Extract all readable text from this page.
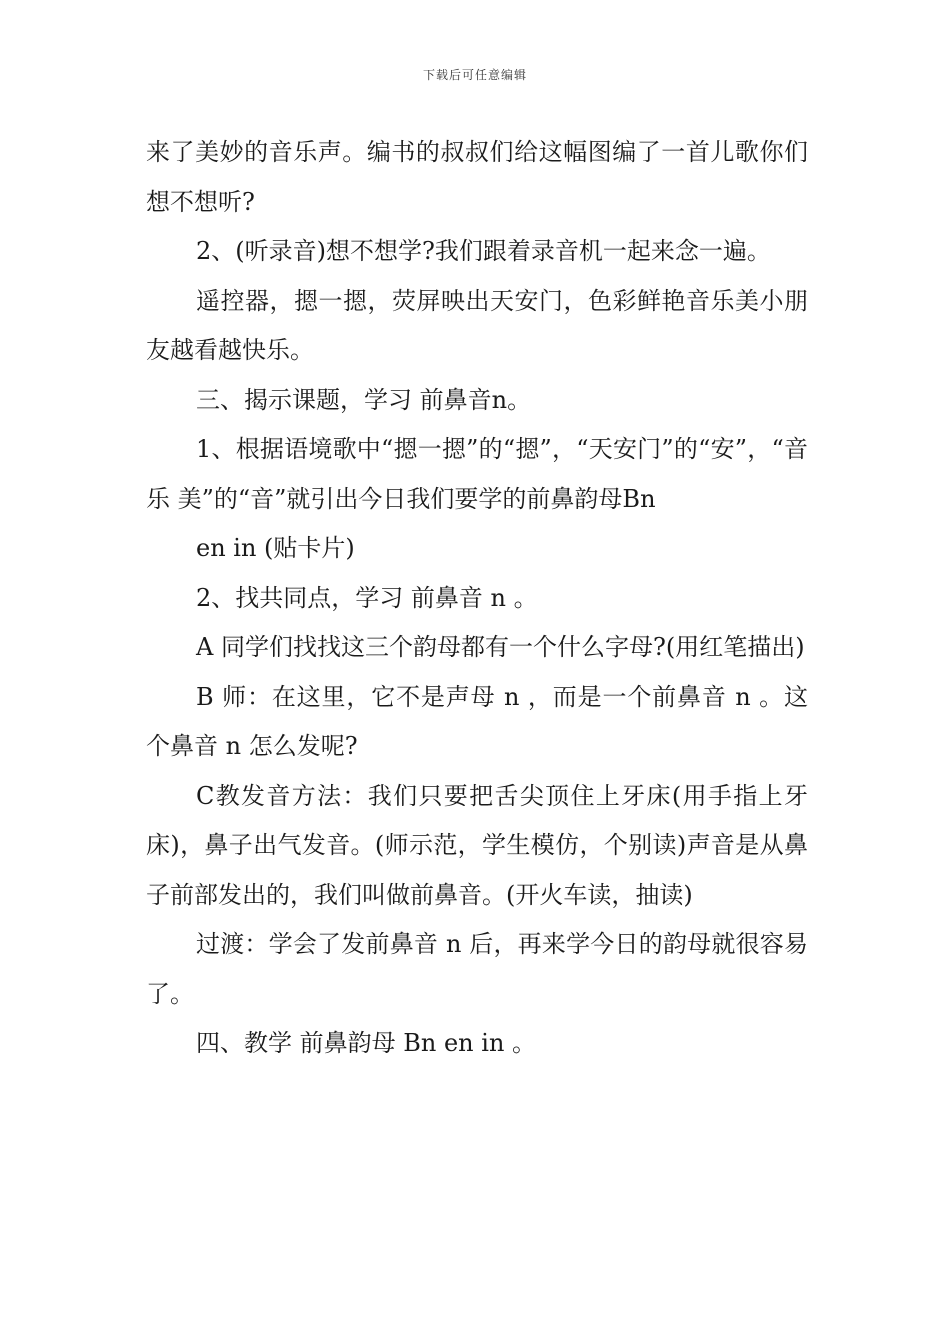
下载后可任意编辑

来了美妙的音乐声。编书的叔叔们给这幅图编了一首儿歌你们想不想听?

2、(听录音)想不想学?我们跟着录音机一起来念一遍。

遥控器，摁一摁，荧屏映出天安门，色彩鲜艳音乐美小朋友越看越快乐。

三、揭示课题，学习 前鼻音n。

1、根据语境歌中“摁一摁”的“摁”，“天安门”的“安”，“音乐 美”的“音”就引出今日我们要学的前鼻韵母Bn

en in (贴卡片)

2、找共同点，学习 前鼻音 n 。

A 同学们找找这三个韵母都有一个什么字母?(用红笔描出)

B 师：在这里，它不是声母 n ，而是一个前鼻音 n 。这个鼻音 n 怎么发呢?

C教发音方法：我们只要把舌尖顶住上牙床(用手指上牙床)，鼻子出气发音。(师示范，学生模仿，个别读)声音是从鼻子前部发出的，我们叫做前鼻音。(开火车读，抽读)

过渡：学会了发前鼻音 n 后，再来学今日的韵母就很容易了。

四、教学 前鼻韵母 Bn en in 。
